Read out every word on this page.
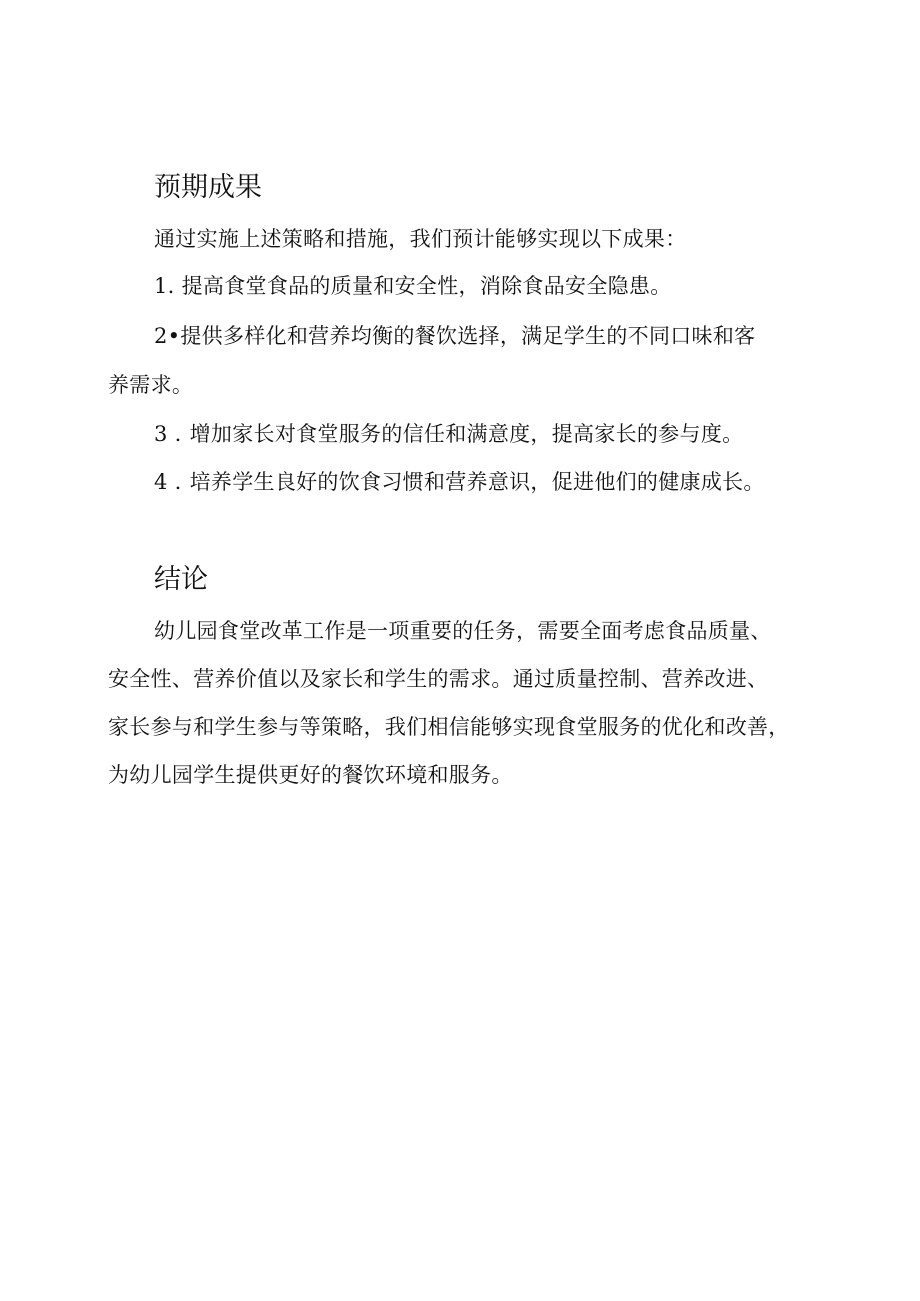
预期成果

通过实施上述策略和措施，我们预计能够实现以下成果：

1. 提高食堂食品的质量和安全性，消除食品安全隐患。

2•提供多样化和营养均衡的餐饮选择，满足学生的不同口味和客

养需求。

3 . 增加家长对食堂服务的信任和满意度，提高家长的参与度。

4 . 培养学生良好的饮食习惯和营养意识，促进他们的健康成长。

结论

幼儿园食堂改革工作是一项重要的任务，需要全面考虑食品质量、

安全性、营养价值以及家长和学生的需求。通过质量控制、营养改进、

家长参与和学生参与等策略，我们相信能够实现食堂服务的优化和改善，

为幼儿园学生提供更好的餐饮环境和服务。
